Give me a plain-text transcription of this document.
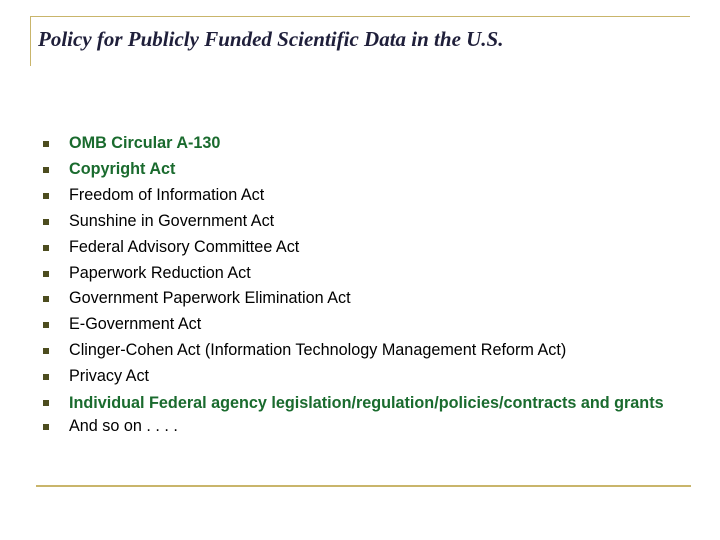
Policy for Publicly Funded Scientific Data in the U.S.
OMB Circular A-130
Copyright Act
Freedom of Information Act
Sunshine in Government Act
Federal Advisory Committee Act
Paperwork Reduction Act
Government Paperwork Elimination Act
E-Government Act
Clinger-Cohen Act (Information Technology Management Reform Act)
Privacy Act
Individual Federal agency legislation/regulation/policies/contracts and grants
And so on . . . .
